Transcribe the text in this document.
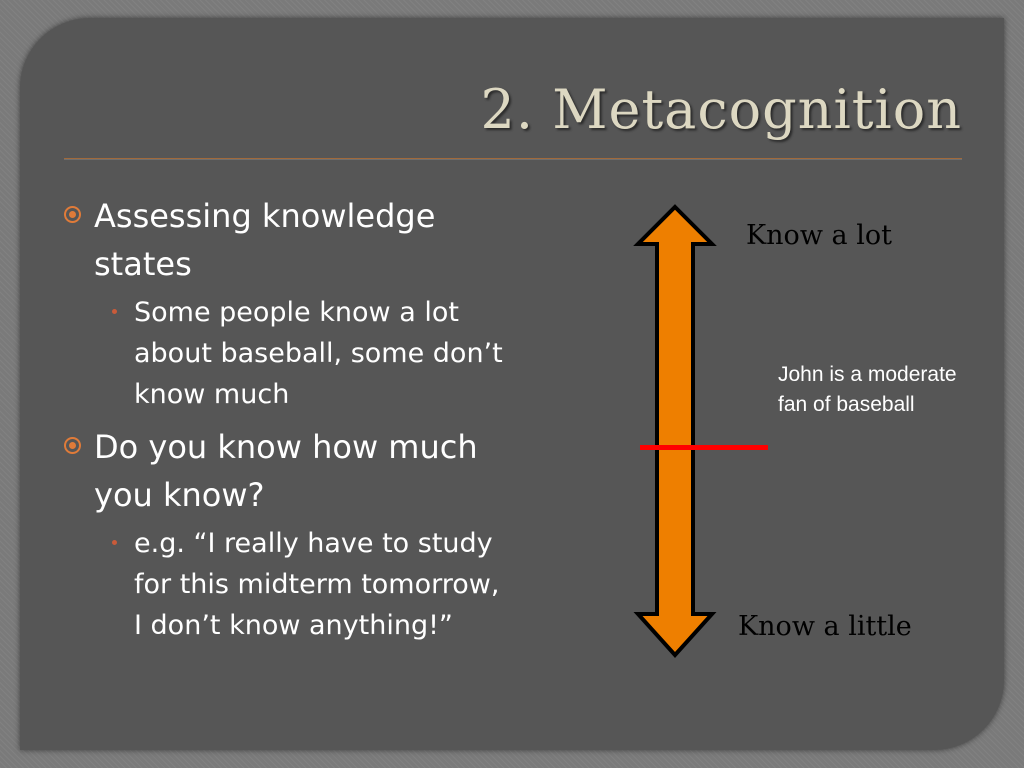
2. Metacognition

Assessing knowledge states

Some people know a lot about baseball, some don’t know much

Do you know how much you know?

e.g. “I really have to study for this midterm tomorrow, I don’t know anything!”

Know a lot

Know a little

John is a moderate fan of baseball
